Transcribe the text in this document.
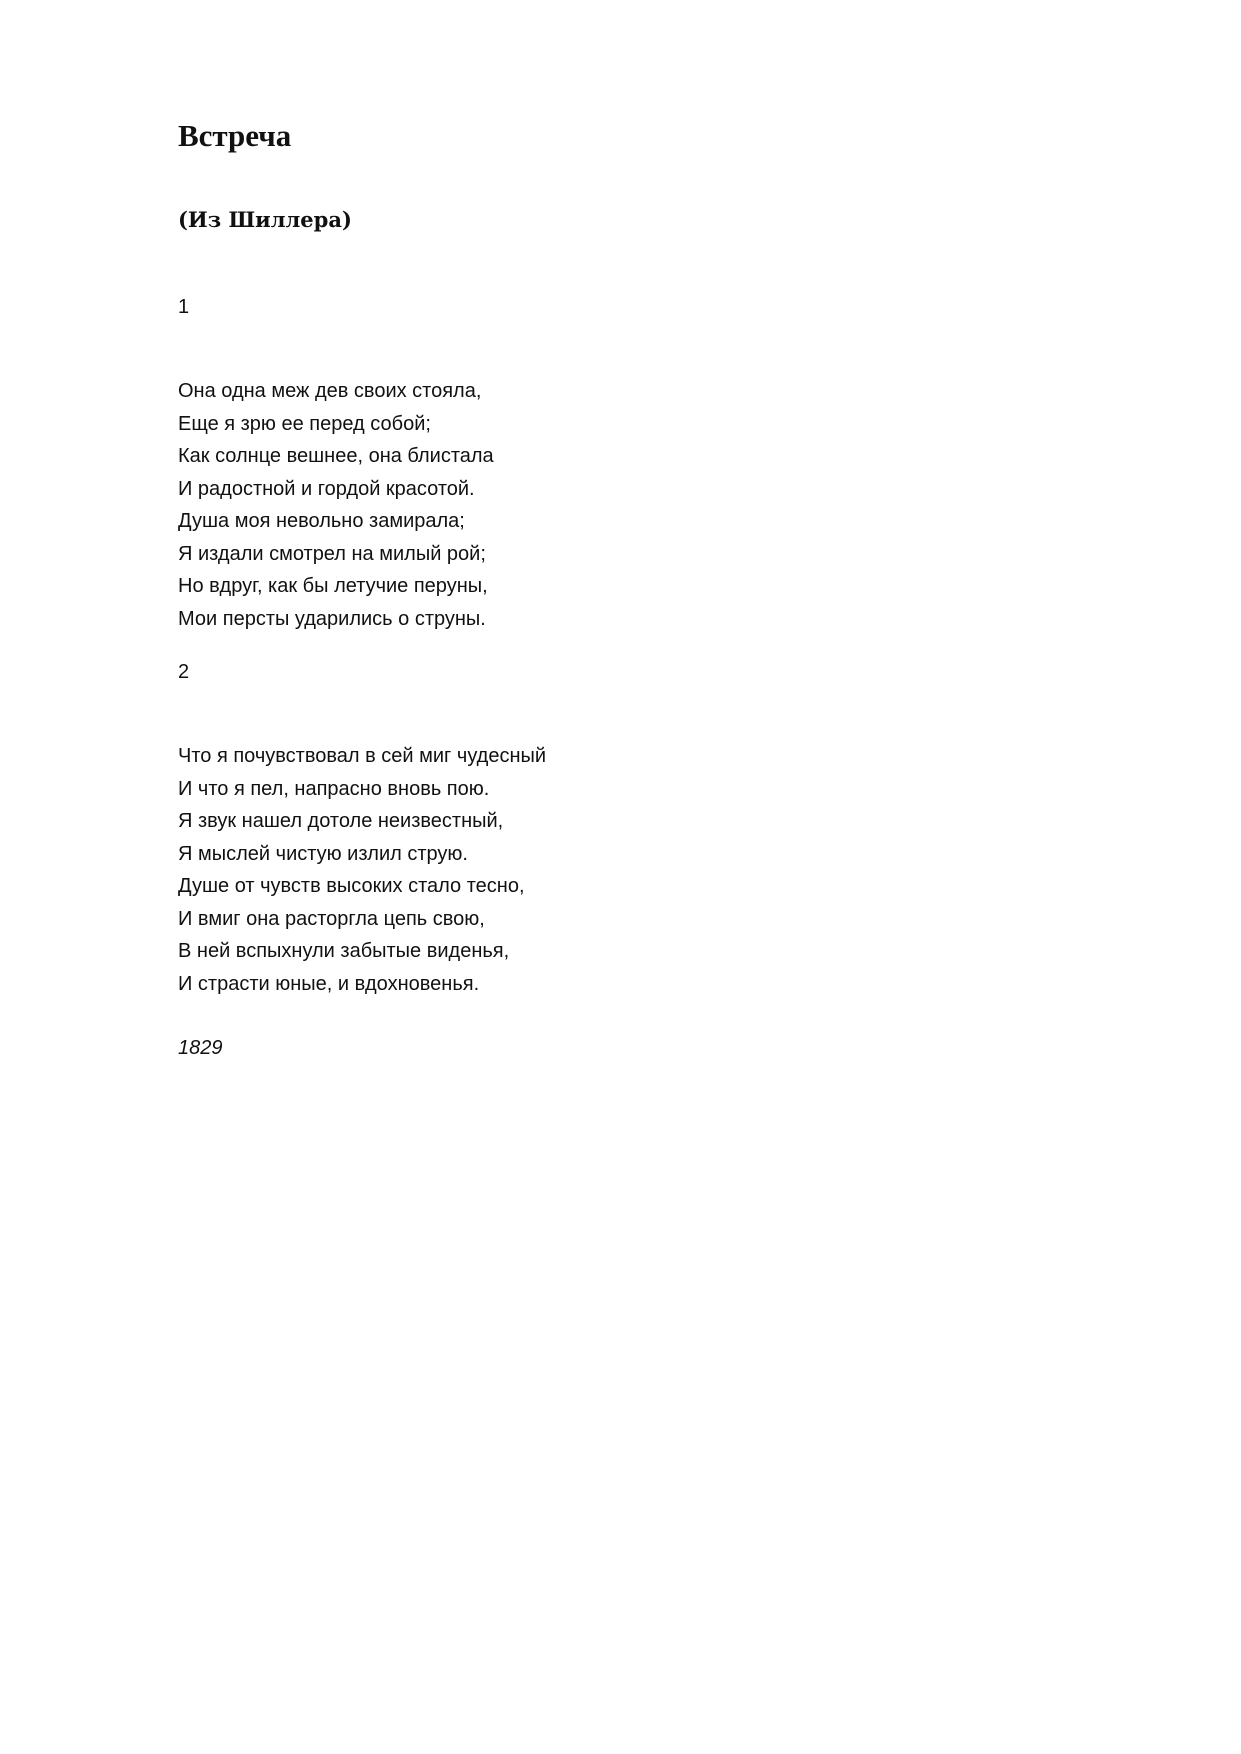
Встреча
(Из Шиллера)
1
Она одна меж дев своих стояла,
Еще я зрю ее перед собой;
Как солнце вешнее, она блистала
И радостной и гордой красотой.
Душа моя невольно замирала;
Я издали смотрел на милый рой;
Но вдруг, как бы летучие перуны,
Мои персты ударились о струны.
2
Что я почувствовал в сей миг чудесный
И что я пел, напрасно вновь пою.
Я звук нашел дотоле неизвестный,
Я мыслей чистую излил струю.
Душе от чувств высоких стало тесно,
И вмиг она расторгла цепь свою,
В ней вспыхнули забытые виденья,
И страсти юные, и вдохновенья.
1829
